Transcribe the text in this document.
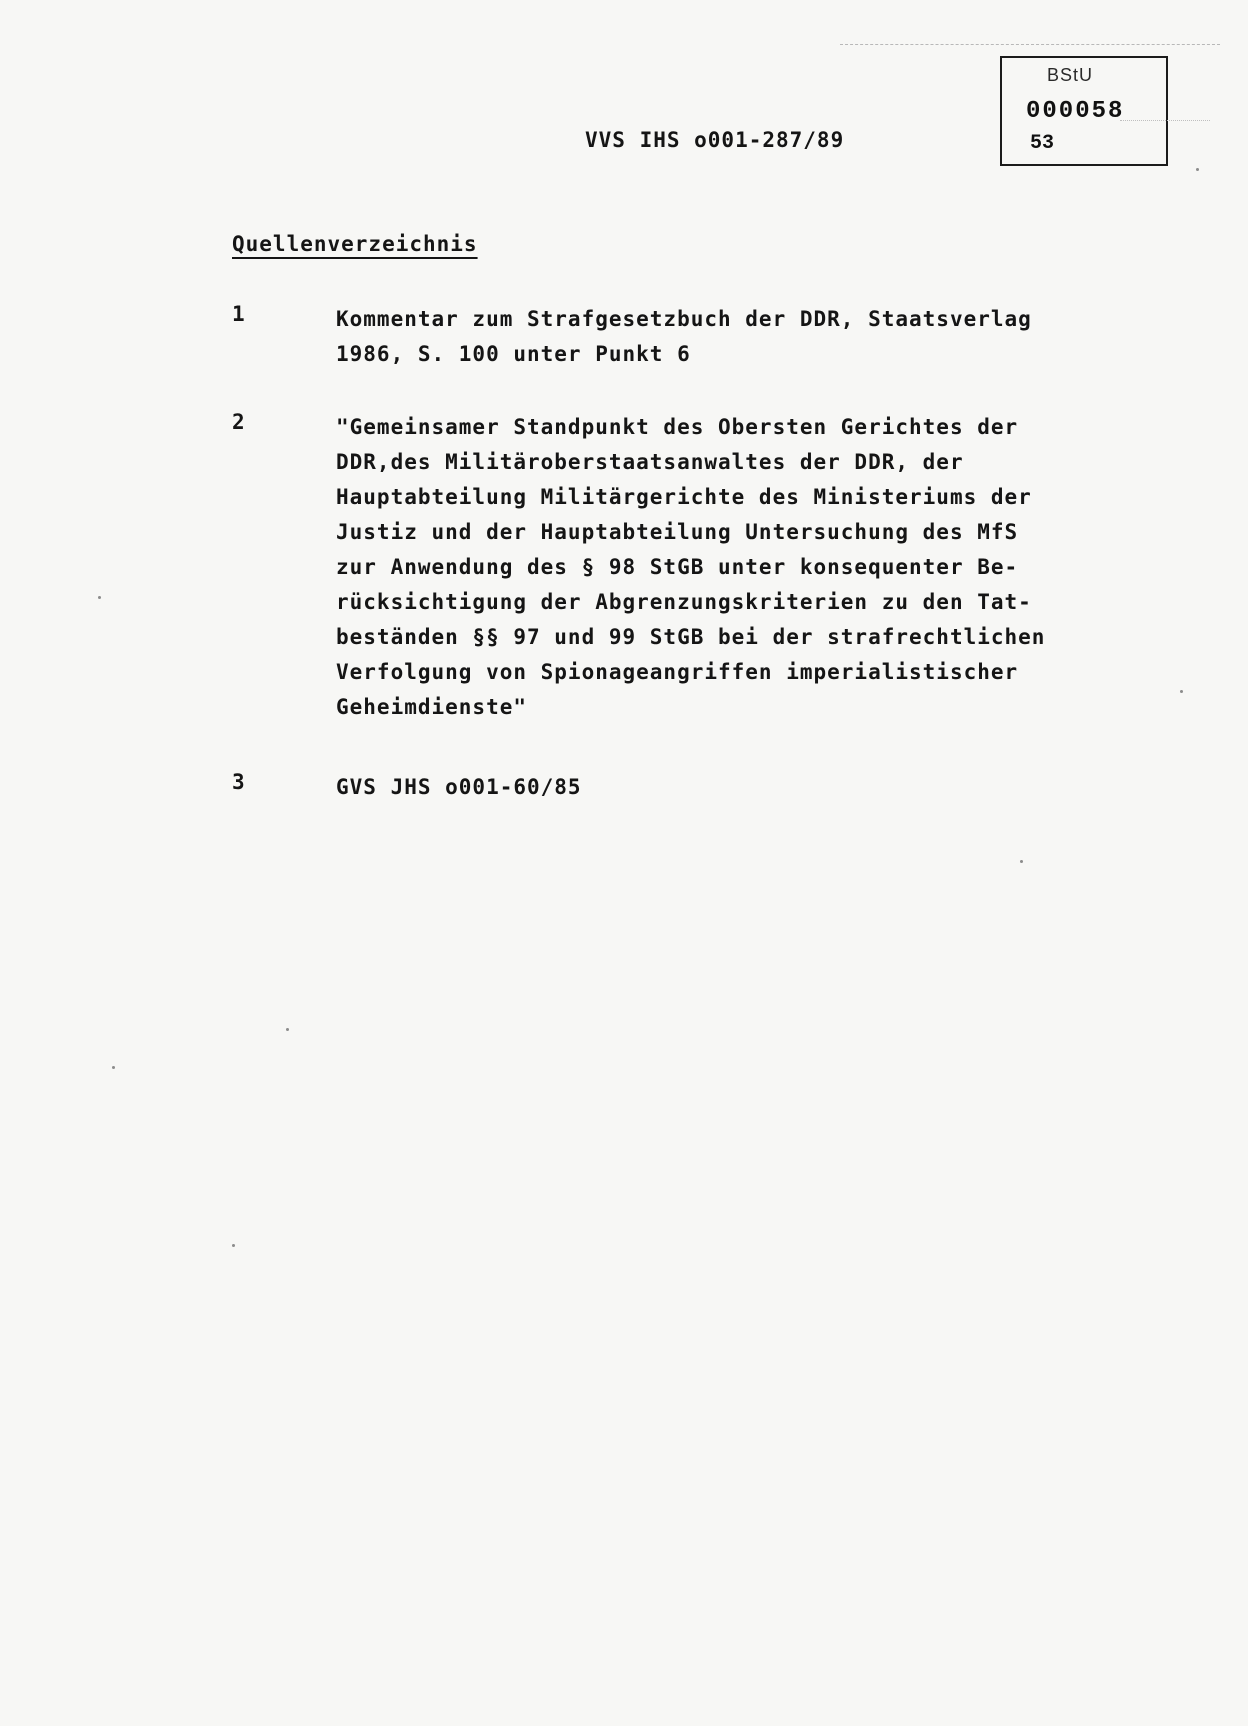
BStU
000058
53
VVS IHS o001-287/89
Quellenverzeichnis
1	Kommentar zum Strafgesetzbuch der DDR, Staatsverlag
1986, S. 100 unter Punkt 6
2	"Gemeinsamer Standpunkt des Obersten Gerichtes der
DDR,des Militäroberstaatsanwaltes der DDR, der
Hauptabteilung Militärgerichte des Ministeriums der
Justiz und der Hauptabteilung Untersuchung des MfS
zur Anwendung des § 98 StGB unter konsequenter Be-
rücksichtigung der Abgrenzungskriterien zu den Tat-
beständen §§ 97 und 99 StGB bei der strafrechtlichen
Verfolgung von Spionageangriffen imperialistischer
Geheimdienste"
3	GVS JHS o001-60/85
